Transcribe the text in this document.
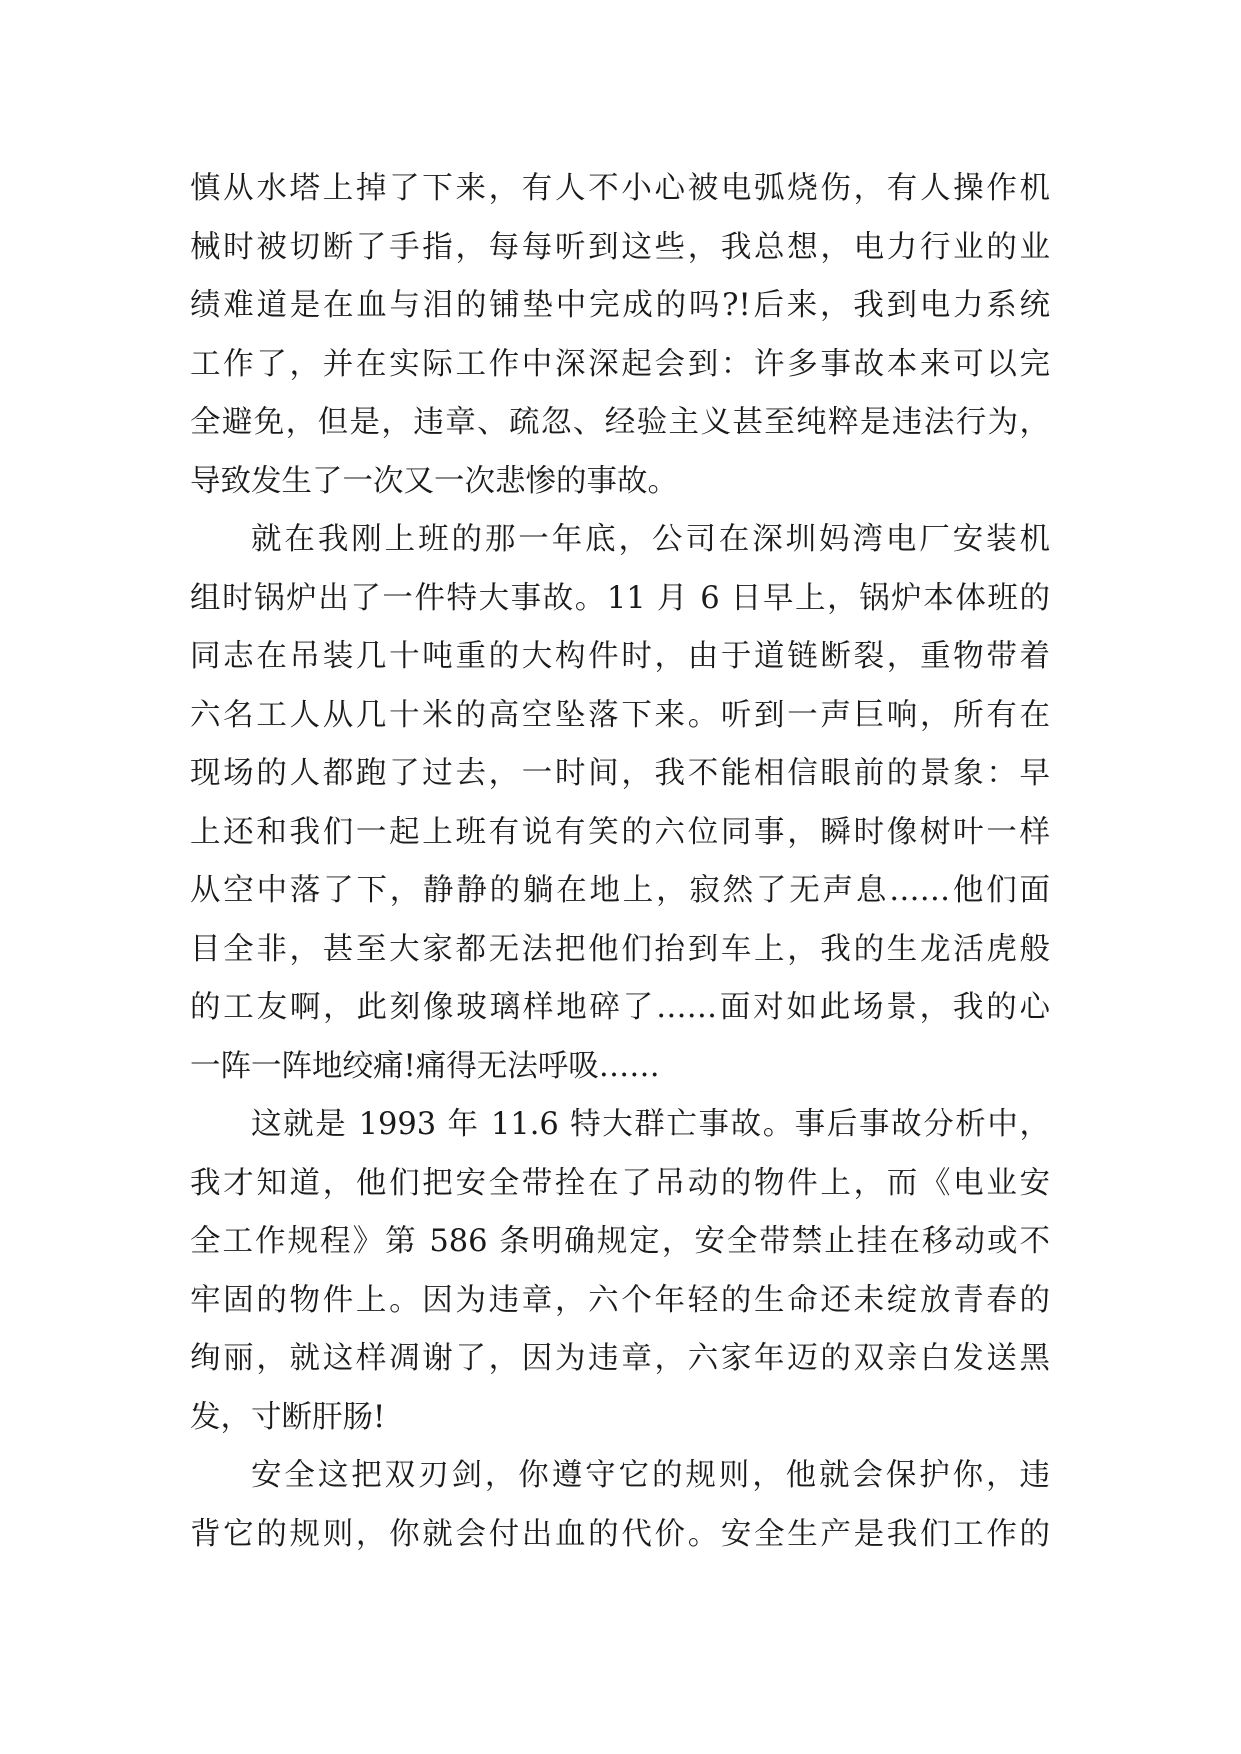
慎从水塔上掉了下来，有人不小心被电弧烧伤，有人操作机
械时被切断了手指，每每听到这些，我总想，电力行业的业
绩难道是在血与泪的铺垫中完成的吗?!后来，我到电力系统
工作了，并在实际工作中深深起会到：许多事故本来可以完
全避免，但是，违章、疏忽、经验主义甚至纯粹是违法行为，
导致发生了一次又一次悲惨的事故。
就在我刚上班的那一年底，公司在深圳妈湾电厂安装机
组时锅炉出了一件特大事故。11 月 6 日早上，锅炉本体班的
同志在吊装几十吨重的大构件时，由于道链断裂，重物带着
六名工人从几十米的高空坠落下来。听到一声巨响，所有在
现场的人都跑了过去，一时间，我不能相信眼前的景象：早
上还和我们一起上班有说有笑的六位同事，瞬时像树叶一样
从空中落了下，静静的躺在地上，寂然了无声息……他们面
目全非，甚至大家都无法把他们抬到车上，我的生龙活虎般
的工友啊，此刻像玻璃样地碎了……面对如此场景，我的心
一阵一阵地绞痛!痛得无法呼吸……
这就是 1993 年 11.6 特大群亡事故。事后事故分析中，
我才知道，他们把安全带拴在了吊动的物件上，而《电业安
全工作规程》第 586 条明确规定，安全带禁止挂在移动或不
牢固的物件上。因为违章，六个年轻的生命还未绽放青春的
绚丽，就这样凋谢了，因为违章，六家年迈的双亲白发送黑
发，寸断肝肠!
安全这把双刃剑，你遵守它的规则，他就会保护你，违
背它的规则，你就会付出血的代价。安全生产是我们工作的
